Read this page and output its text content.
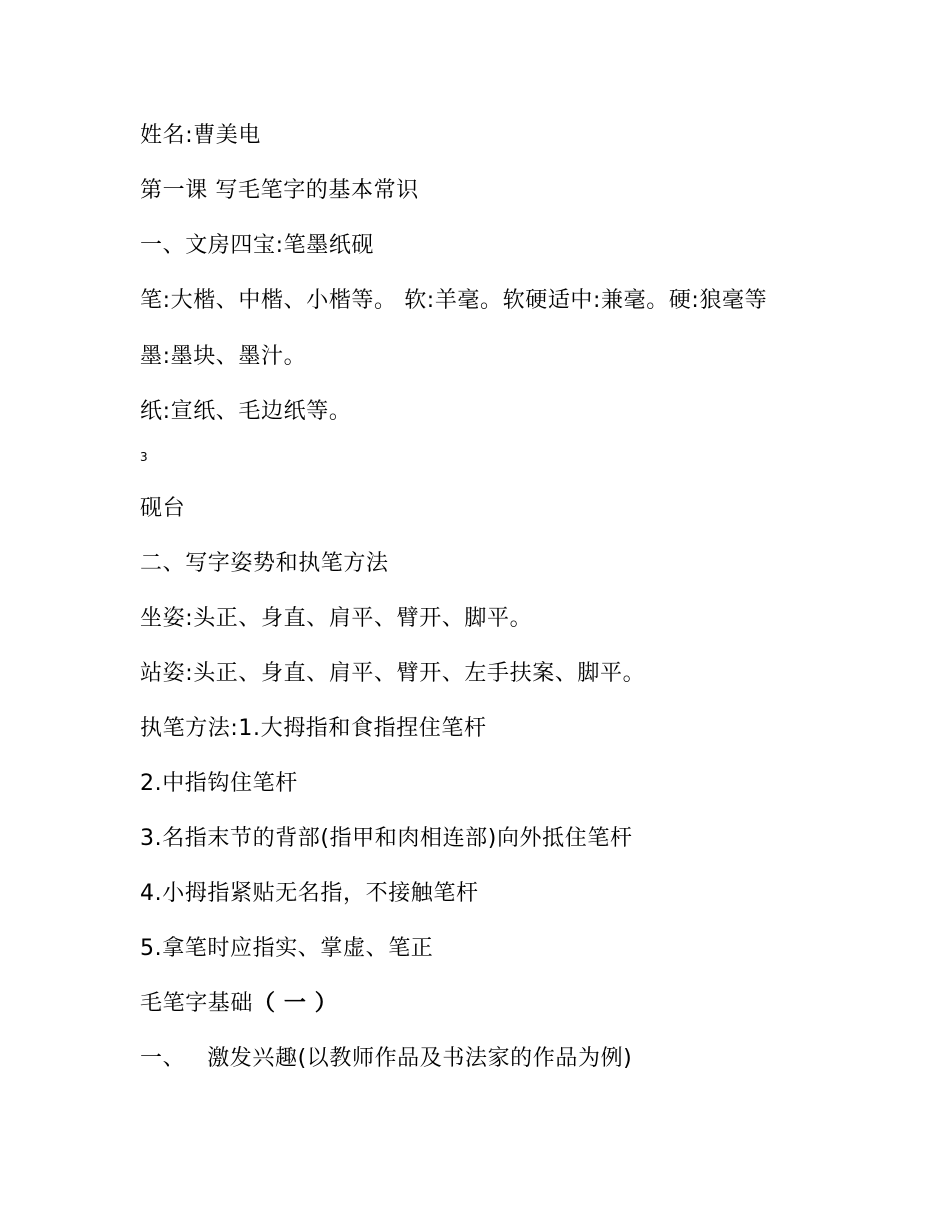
姓名:曹美电
第一课 写毛笔字的基本常识
一、文房四宝:笔墨纸砚
笔:大楷、中楷、小楷等。 软:羊毫。软硬适中:兼毫。硬:狼毫等
墨:墨块、墨汁。
纸:宣纸、毛边纸等。
3
砚台
二、写字姿势和执笔方法
坐姿:头正、身直、肩平、臂开、脚平。
站姿:头正、身直、肩平、臂开、左手扶案、脚平。
执笔方法:1.大拇指和食指捏住笔杆
2.中指钩住笔杆
3.名指末节的背部(指甲和肉相连部)向外抵住笔杆
4.小拇指紧贴无名指，不接触笔杆
5.拿笔时应指实、掌虚、笔正
毛笔字基础（ 一 ）
一、 激发兴趣(以教师作品及书法家的作品为例)
